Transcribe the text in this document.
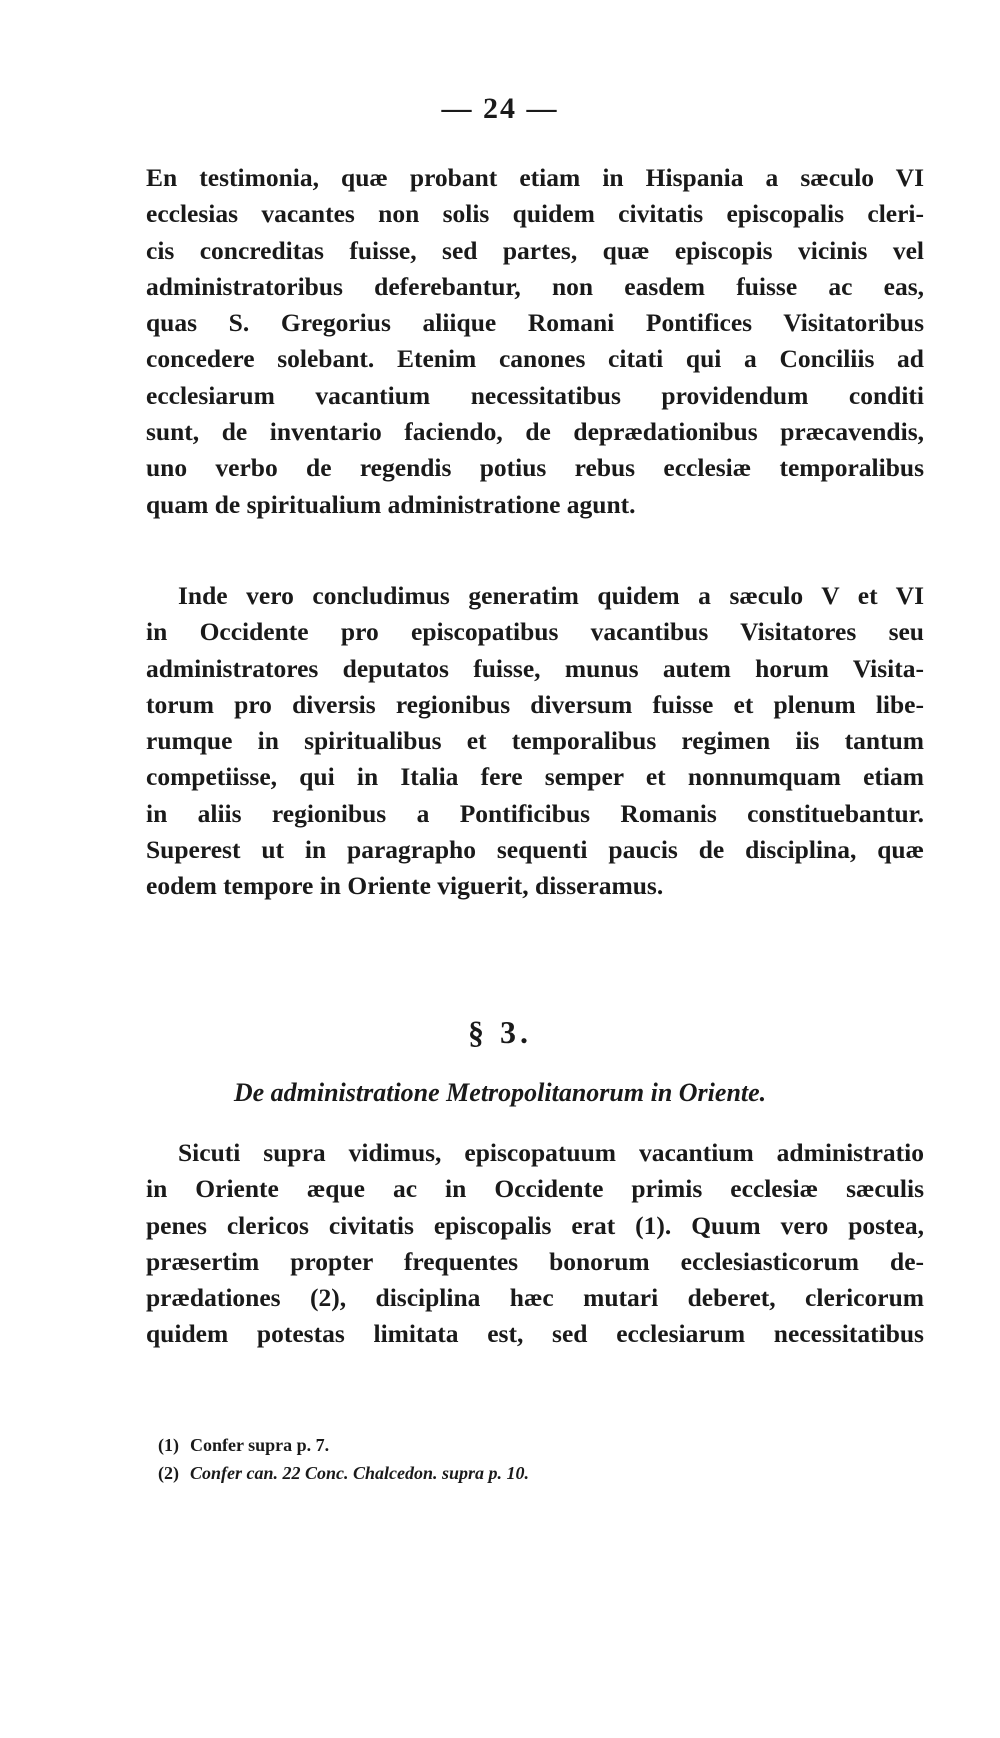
— 24 —
En testimonia, quæ probant etiam in Hispania a sæculo VI
ecclesias vacantes non solis quidem civitatis episcopalis cleri-
cis concreditas fuisse, sed partes, quæ episcopis vicinis vel
administratoribus deferebantur, non easdem fuisse ac eas,
quas S. Gregorius aliique Romani Pontifices Visitatoribus
concedere solebant. Etenim canones citati qui a Conciliis ad
ecclesiarum vacantium necessitatibus providendum conditi
sunt, de inventario faciendo, de deprædationibus præcavendis,
uno verbo de regendis potius rebus ecclesiæ temporalibus
quam de spiritualium administratione agunt.
Inde vero concludimus generatim quidem a sæculo V et VI
in Occidente pro episcopatibus vacantibus Visitatores seu
administratores deputatos fuisse, munus autem horum Visita-
torum pro diversis regionibus diversum fuisse et plenum libe-
rumque in spiritualibus et temporalibus regimen iis tantum
competiisse, qui in Italia fere semper et nonnumquam etiam
in aliis regionibus a Pontificibus Romanis constituebantur.
Superest ut in paragrapho sequenti paucis de disciplina, quæ
eodem tempore in Oriente viguerit, disseramus.
§ 3.
De administratione Metropolitanorum in Oriente.
Sicuti supra vidimus, episcopatuum vacantium administratio
in Oriente æque ac in Occidente primis ecclesiæ sæculis
penes clericos civitatis episcopalis erat (1). Quum vero postea,
præsertim propter frequentes bonorum ecclesiasticorum de-
prædationes (2), disciplina hæc mutari deberet, clericorum
quidem potestas limitata est, sed ecclesiarum necessitatibus
(1) Confer supra p. 7.
(2) Confer can. 22 Conc. Chalcedon. supra p. 10.
